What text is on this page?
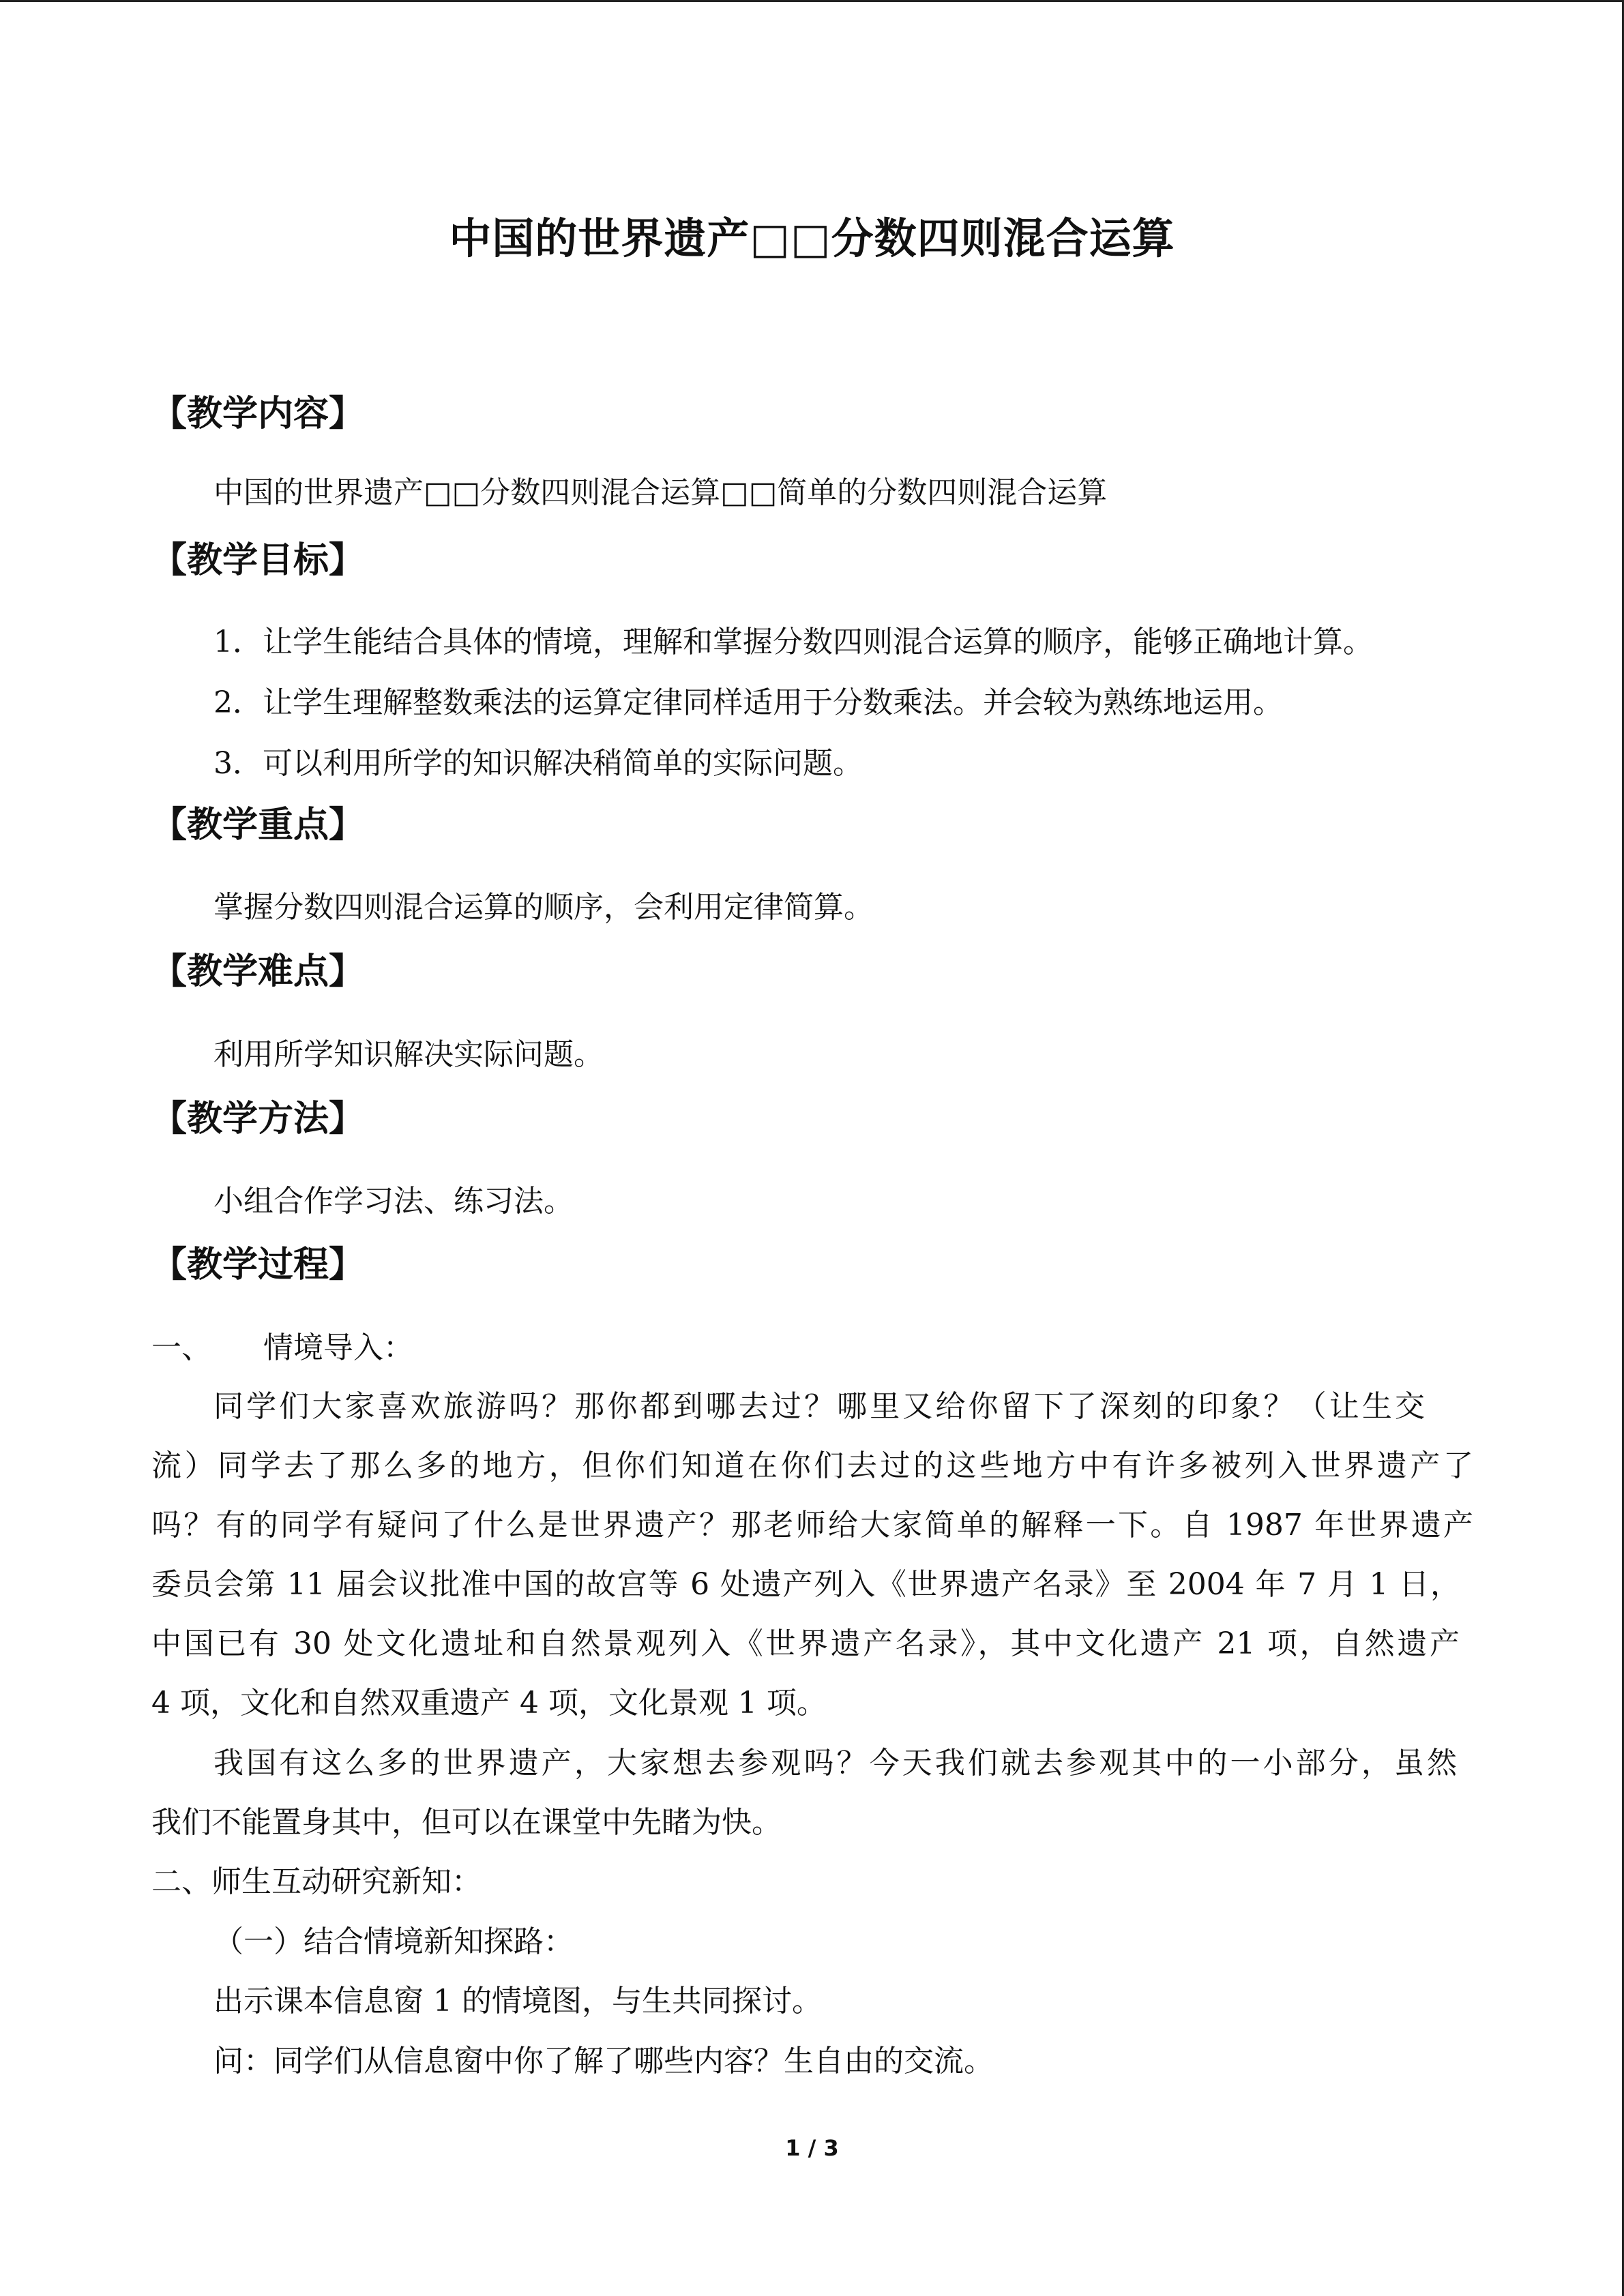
中国的世界遗产□□分数四则混合运算

【教学内容】

中国的世界遗产□□分数四则混合运算□□简单的分数四则混合运算

【教学目标】

1．让学生能结合具体的情境，理解和掌握分数四则混合运算的顺序，能够正确地计算。

2．让学生理解整数乘法的运算定律同样适用于分数乘法。并会较为熟练地运用。

3．可以利用所学的知识解决稍简单的实际问题。

【教学重点】

掌握分数四则混合运算的顺序，会利用定律简算。

【教学难点】

利用所学知识解决实际问题。

【教学方法】

小组合作学习法、练习法。

【教学过程】

一、 情境导入：

同学们大家喜欢旅游吗？那你都到哪去过？哪里又给你留下了深刻的印象？（让生交

流）同学去了那么多的地方，但你们知道在你们去过的这些地方中有许多被列入世界遗产了

吗？有的同学有疑问了什么是世界遗产？那老师给大家简单的解释一下。自 1987 年世界遗产

委员会第 11 届会议批准中国的故宫等 6 处遗产列入《世界遗产名录》至 2004 年 7 月 1 日，

中国已有 30 处文化遗址和自然景观列入《世界遗产名录》，其中文化遗产 21 项，自然遗产

4 项，文化和自然双重遗产 4 项，文化景观 1 项。

我国有这么多的世界遗产，大家想去参观吗？今天我们就去参观其中的一小部分，虽然

我们不能置身其中，但可以在课堂中先睹为快。

二、师生互动研究新知：

（一）结合情境新知探路：

出示课本信息窗 1 的情境图，与生共同探讨。

问：同学们从信息窗中你了解了哪些内容？生自由的交流。

1 / 3
